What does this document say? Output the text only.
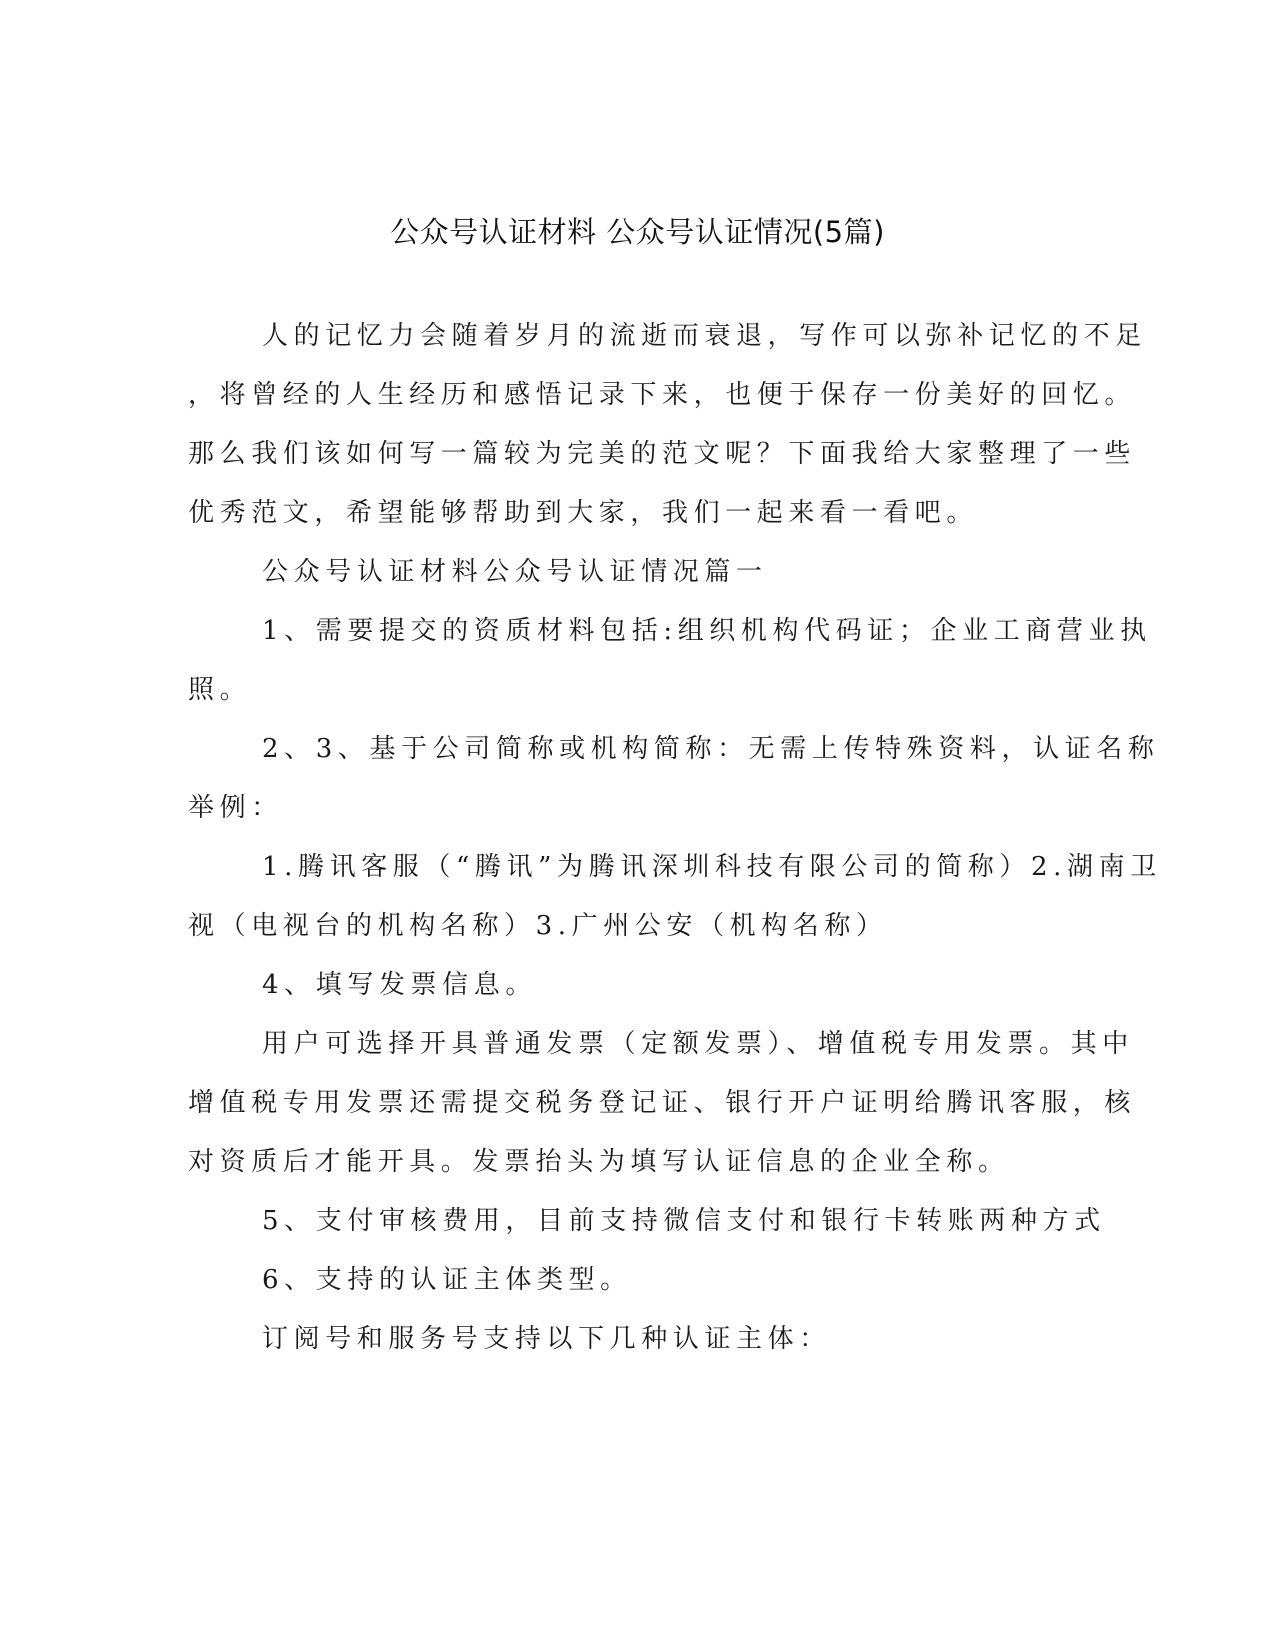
公众号认证材料 公众号认证情况(5篇)
人的记忆力会随着岁月的流逝而衰退，写作可以弥补记忆的不足
，将曾经的人生经历和感悟记录下来，也便于保存一份美好的回忆。
那么我们该如何写一篇较为完美的范文呢？下面我给大家整理了一些
优秀范文，希望能够帮助到大家，我们一起来看一看吧。
公众号认证材料公众号认证情况篇一
1、需要提交的资质材料包括:组织机构代码证；企业工商营业执
照。
2、3、基于公司简称或机构简称：无需上传特殊资料，认证名称
举例：
1.腾讯客服（“腾讯”为腾讯深圳科技有限公司的简称）2.湖南卫
视（电视台的机构名称）3.广州公安（机构名称）
4、填写发票信息。
用户可选择开具普通发票（定额发票）、增值税专用发票。其中
增值税专用发票还需提交税务登记证、银行开户证明给腾讯客服，核
对资质后才能开具。发票抬头为填写认证信息的企业全称。
5、支付审核费用，目前支持微信支付和银行卡转账两种方式
6、支持的认证主体类型。
订阅号和服务号支持以下几种认证主体：
